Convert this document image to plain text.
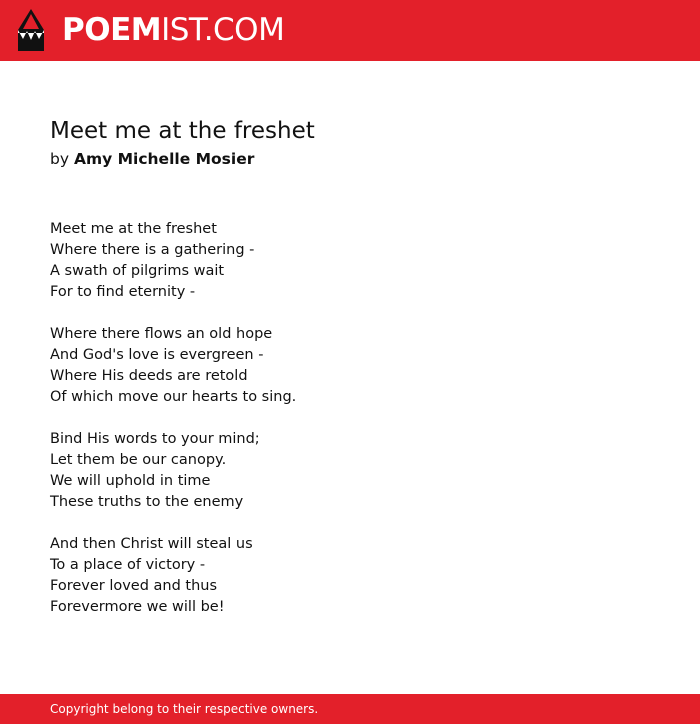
POEMIST.COM
Meet me at the freshet
by Amy Michelle Mosier
Meet me at the freshet
Where there is a gathering -
A swath of pilgrims wait
For to find eternity -
Where there flows an old hope
And God's love is evergreen -
Where His deeds are retold
Of which move our hearts to sing.
Bind His words to your mind;
Let them be our canopy.
We will uphold in time
These truths to the enemy
And then Christ will steal us
To a place of victory -
Forever loved and thus
Forevermore we will be!
Copyright belong to their respective owners.
